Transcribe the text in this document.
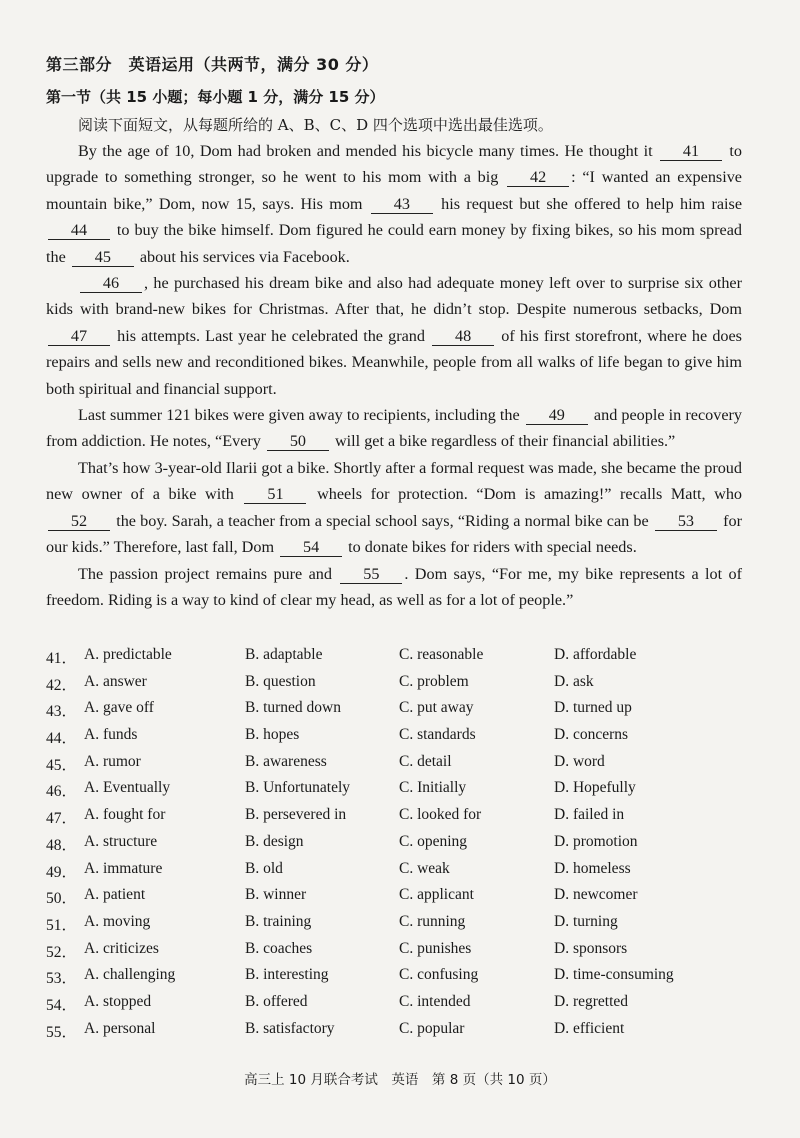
第三部分　英语运用（共两节，满分 30 分）
第一节（共 15 小题；每小题 1 分，满分 15 分）
阅读下面短文，从每题所给的 A、B、C、D 四个选项中选出最佳选项。

By the age of 10, Dom had broken and mended his bicycle many times. He thought it 41 to upgrade to something stronger, so he went to his mom with a big 42 : “I wanted an expensive mountain bike,” Dom, now 15, says. His mom 43 his request but she offered to help him raise 44 to buy the bike himself. Dom figured he could earn money by fixing bikes, so his mom spread the 45 about his services via Facebook.

46 , he purchased his dream bike and also had adequate money left over to surprise six other kids with brand-new bikes for Christmas. After that, he didn’t stop. Despite numerous setbacks, Dom 47 his attempts. Last year he celebrated the grand 48 of his first storefront, where he does repairs and sells new and reconditioned bikes. Meanwhile, people from all walks of life began to give him both spiritual and financial support.

Last summer 121 bikes were given away to recipients, including the 49 and people in recovery from addiction. He notes, “Every 50 will get a bike regardless of their financial abilities.”

That’s how 3-year-old Ilarii got a bike. Shortly after a formal request was made, she became the proud new owner of a bike with 51 wheels for protection. “Dom is amazing!” recalls Matt, who 52 the boy. Sarah, a teacher from a special school says, “Riding a normal bike can be 53 for our kids.” Therefore, last fall, Dom 54 to donate bikes for riders with special needs.

The passion project remains pure and 55 . Dom says, “For me, my bike represents a lot of freedom. Riding is a way to kind of clear my head, as well as for a lot of people.”

41． A. predictable	B. adaptable	C. reasonable	D. affordable
42． A. answer	B. question	C. problem	D. ask
43． A. gave off	B. turned down	C. put away	D. turned up
44． A. funds	B. hopes	C. standards	D. concerns
45． A. rumor	B. awareness	C. detail	D. word
46． A. Eventually	B. Unfortunately	C. Initially	D. Hopefully
47． A. fought for	B. persevered in	C. looked for	D. failed in
48． A. structure	B. design	C. opening	D. promotion
49． A. immature	B. old	C. weak	D. homeless
50． A. patient	B. winner	C. applicant	D. newcomer
51． A. moving	B. training	C. running	D. turning
52． A. criticizes	B. coaches	C. punishes	D. sponsors
53． A. challenging	B. interesting	C. confusing	D. time-consuming
54． A. stopped	B. offered	C. intended	D. regretted
55． A. personal	B. satisfactory	C. popular	D. efficient
高三上 10 月联合考试　英语　第 8 页（共 10 页）
